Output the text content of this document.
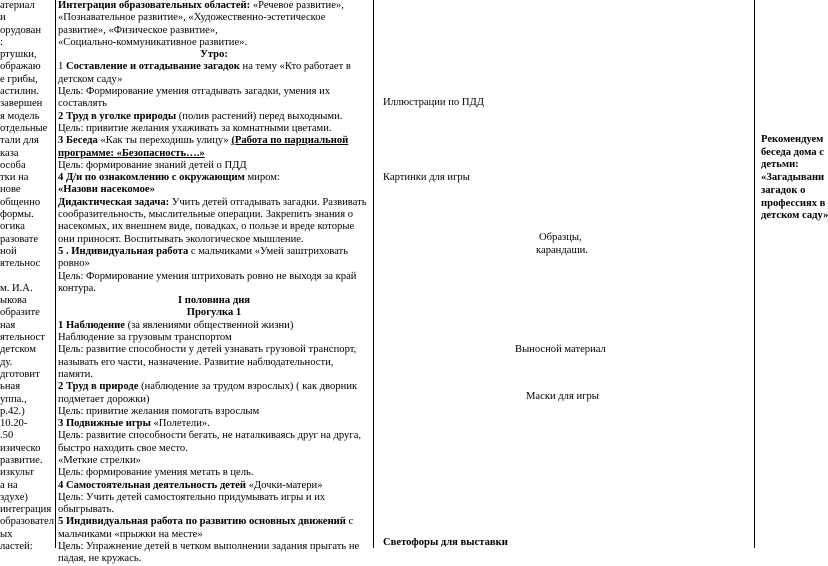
атериал
и
орудован
:
ртушки,
ображаю
е грибы,
астилин.
завершен
я модель
отдельные
тали для
каза
особа
тки на
нове
общенно
формы.
огика
разовате
ной
ятельнос
м. И.А.
ыкова
образите
ная
ятельност
детском
ду.
дготовит
ьная
уппа.,
р.42.)
10.20-
.50
изическо
развитие.
изкульт
а на
здухе)
интеграция
образовател
ых
ластей:
Интеграция образовательных областей: «Речевое развитие»,
«Познавательное развитие», «Художественно-эстетическое
развитие», «Физическое развитие»,
«Социально-коммуникативное развитие».
Утро:
1 Составление и отгадывание загадок на тему «Кто работает в
детском саду»
Цель: Формирование умения отгадывать загадки, умения их
составлять
2 Труд в уголке природы (полив растений) перед выходными.
Цель: привитие желания ухаживать за комнатными цветами.
3 Беседа «Как ты переходишь улицу» (Работа по парциальной
программе: «Безопасность….»
Цель: формирование знаний детей о ПДД
4 Д/и по ознакомлению с окружающим миром:
«Назови насекомое»
Дидактическая задача: Учить детей отгадывать загадки. Развивать
сообразительность, мыслительные операции. Закрепить знания о
насекомых, их внешнем виде, повадках, о пользе и вреде которые
они приносят. Воспитывать экологическое мышление.
5 . Индивидуальная работа с мальчиками «Умей заштриховать
ровно»
Цель: Формирование умения штриховать ровно не выходя за край
контура.
I половина дня
Прогулка 1
1 Наблюдение (за явлениями общественной жизни)
Наблюдение за грузовым транспортом
Цель: развитие способности у детей узнавать грузовой транспорт,
называть его части, назначение. Развитие наблюдательности, памяти.
2 Труд в природе (наблюдение за трудом взрослых) ( как дворник
подметает дорожки)
Цель: привитие желания помогать взрослым
3 Подвижные игры «Полетели».
Цель: развитие способности бегать, не наталкиваясь друг на друга,
быстро находить свое место.
«Меткие стрелки»
Цель: формирование умения метать в цель.
4 Самостоятельная деятельность детей «Дочки-матери»
Цель: Учить детей самостоятельно придумывать игры и их
обыгрывать.
5 Индивидуальная работа по развитию основных движений с
мальчиками «прыжки на месте»
Цель: Упражнение детей в четком выполнении задания прыгать не
падая, не кружась.
Иллюстрации по ПДД
Картинки для игры
Образцы,
карандаши.
Выносной материал
Маски для игры
Светофоры для выставки
Рекомендуем
беседа дома с
детьми:
«Загадывани
загадок о
профессиях в
детском саду»
